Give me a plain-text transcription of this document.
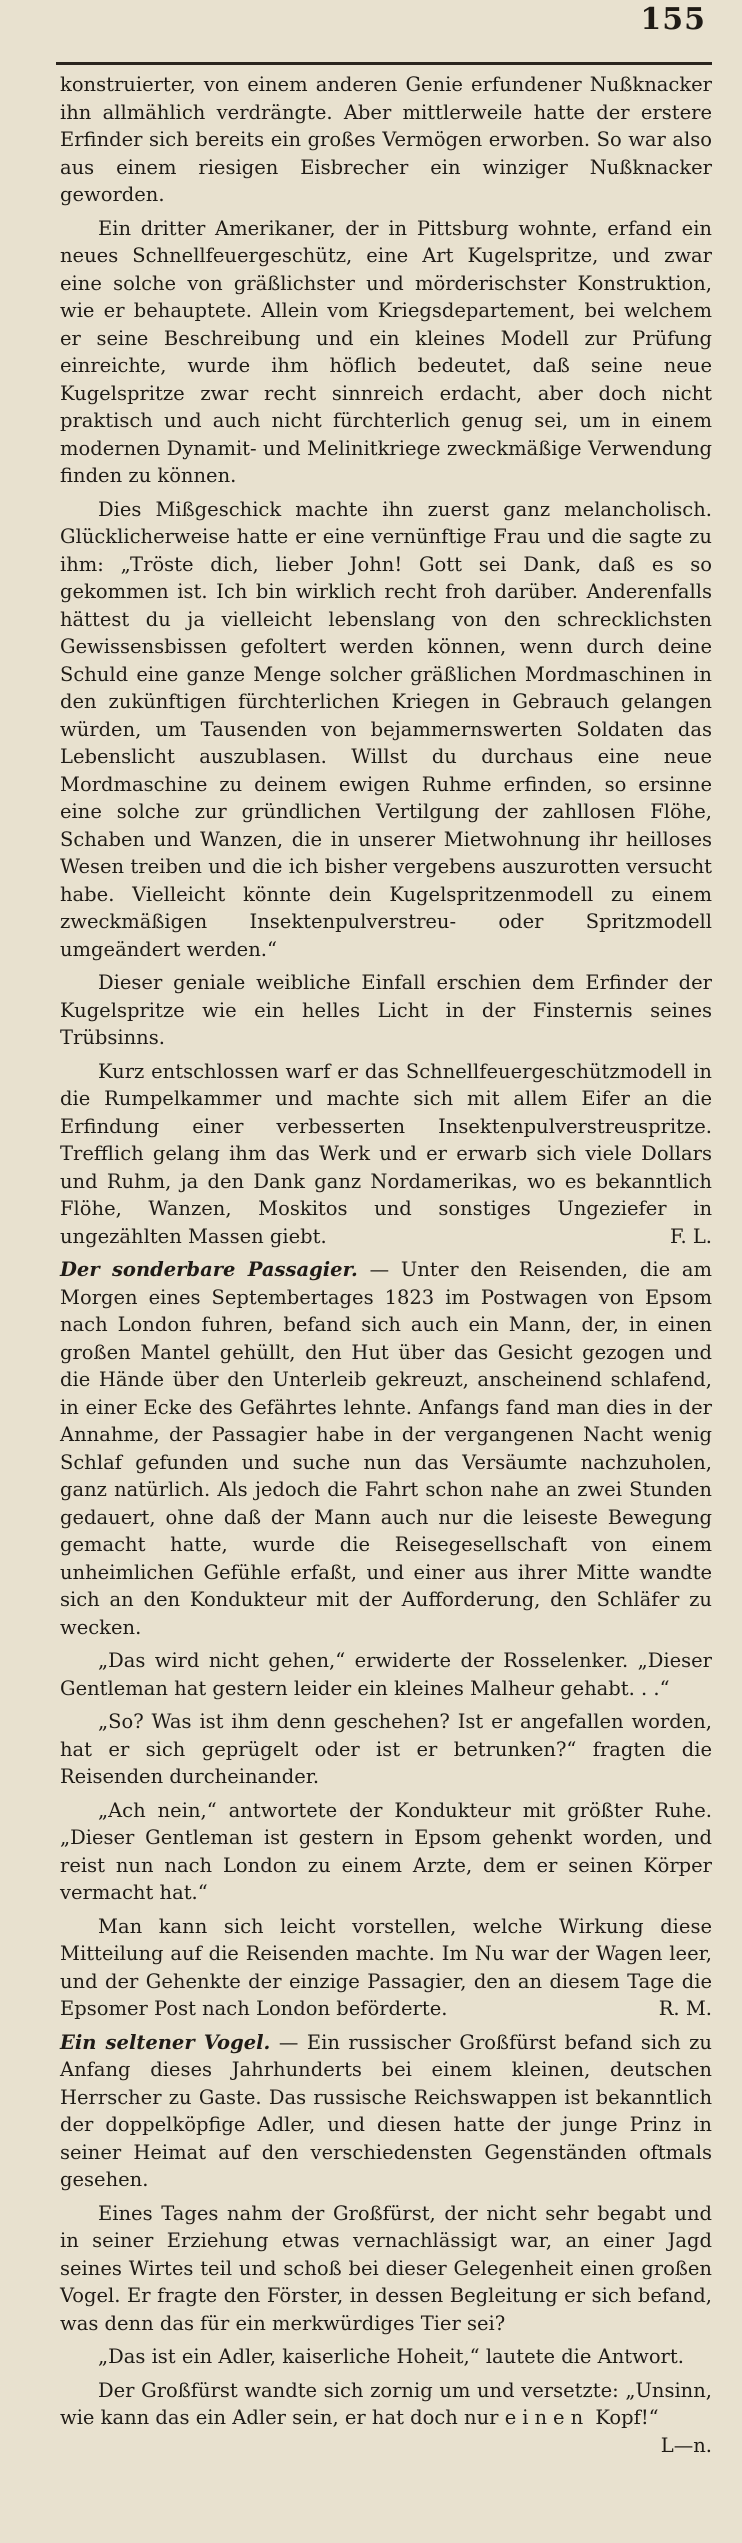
155

konstruierter, von einem anderen Genie erfundener Nußknacker ihn allmählich verdrängte. Aber mittlerweile hatte der erstere Erfinder sich bereits ein großes Vermögen erworben. So war also aus einem riesigen Eisbrecher ein winziger Nußknacker geworden.

Ein dritter Amerikaner, der in Pittsburg wohnte, erfand ein neues Schnellfeuergeschütz, eine Art Kugelspritze, und zwar eine solche von gräßlichster und mörderischster Konstruktion, wie er behauptete. Allein vom Kriegsdepartement, bei welchem er seine Beschreibung und ein kleines Modell zur Prüfung einreichte, wurde ihm höflich bedeutet, daß seine neue Kugelspritze zwar recht sinnreich erdacht, aber doch nicht praktisch und auch nicht fürchterlich genug sei, um in einem modernen Dynamit- und Melinitkriege zweckmäßige Verwendung finden zu können.

Dies Mißgeschick machte ihn zuerst ganz melancholisch. Glücklicherweise hatte er eine vernünftige Frau und die sagte zu ihm: „Tröste dich, lieber John! Gott sei Dank, daß es so gekommen ist. Ich bin wirklich recht froh darüber. Anderenfalls hättest du ja vielleicht lebenslang von den schrecklichsten Gewissensbissen gefoltert werden können, wenn durch deine Schuld eine ganze Menge solcher gräßlichen Mordmaschinen in den zukünftigen fürchterlichen Kriegen in Gebrauch gelangen würden, um Tausenden von bejammernswerten Soldaten das Lebenslicht auszublasen. Willst du durchaus eine neue Mordmaschine zu deinem ewigen Ruhme erfinden, so ersinne eine solche zur gründlichen Vertilgung der zahllosen Flöhe, Schaben und Wanzen, die in unserer Mietwohnung ihr heilloses Wesen treiben und die ich bisher vergebens auszurotten versucht habe. Vielleicht könnte dein Kugelspritzenmodell zu einem zweckmäßigen Insektenpulverstreu- oder Spritzmodell umgeändert werden.“

Dieser geniale weibliche Einfall erschien dem Erfinder der Kugelspritze wie ein helles Licht in der Finsternis seines Trübsinns.

Kurz entschlossen warf er das Schnellfeuergeschützmodell in die Rumpelkammer und machte sich mit allem Eifer an die Erfindung einer verbesserten Insektenpulverstreuspritze. Trefflich gelang ihm das Werk und er erwarb sich viele Dollars und Ruhm, ja den Dank ganz Nordamerikas, wo es bekanntlich Flöhe, Wanzen, Moskitos und sonstiges Ungeziefer in ungezählten Massen giebt.	F. L.

Der sonderbare Passagier. — Unter den Reisenden, die am Morgen eines Septembertages 1823 im Postwagen von Epsom nach London fuhren, befand sich auch ein Mann, der, in einen großen Mantel gehüllt, den Hut über das Gesicht gezogen und die Hände über den Unterleib gekreuzt, anscheinend schlafend, in einer Ecke des Gefährtes lehnte. Anfangs fand man dies in der Annahme, der Passagier habe in der vergangenen Nacht wenig Schlaf gefunden und suche nun das Versäumte nachzuholen, ganz natürlich. Als jedoch die Fahrt schon nahe an zwei Stunden gedauert, ohne daß der Mann auch nur die leiseste Bewegung gemacht hatte, wurde die Reisegesellschaft von einem unheimlichen Gefühle erfaßt, und einer aus ihrer Mitte wandte sich an den Kondukteur mit der Aufforderung, den Schläfer zu wecken.

„Das wird nicht gehen,“ erwiderte der Rosselenker. „Dieser Gentleman hat gestern leider ein kleines Malheur gehabt. . .“

„So? Was ist ihm denn geschehen? Ist er angefallen worden, hat er sich geprügelt oder ist er betrunken?“ fragten die Reisenden durcheinander.

„Ach nein,“ antwortete der Kondukteur mit größter Ruhe. „Dieser Gentleman ist gestern in Epsom gehenkt worden, und reist nun nach London zu einem Arzte, dem er seinen Körper vermacht hat.“

Man kann sich leicht vorstellen, welche Wirkung diese Mitteilung auf die Reisenden machte. Im Nu war der Wagen leer, und der Gehenkte der einzige Passagier, den an diesem Tage die Epsomer Post nach London beförderte.	R. M.

Ein seltener Vogel. — Ein russischer Großfürst befand sich zu Anfang dieses Jahrhunderts bei einem kleinen, deutschen Herrscher zu Gaste. Das russische Reichswappen ist bekanntlich der doppelköpfige Adler, und diesen hatte der junge Prinz in seiner Heimat auf den verschiedensten Gegenständen oftmals gesehen.

Eines Tages nahm der Großfürst, der nicht sehr begabt und in seiner Erziehung etwas vernachlässigt war, an einer Jagd seines Wirtes teil und schoß bei dieser Gelegenheit einen großen Vogel. Er fragte den Förster, in dessen Begleitung er sich befand, was denn das für ein merkwürdiges Tier sei?

„Das ist ein Adler, kaiserliche Hoheit,“ lautete die Antwort.

Der Großfürst wandte sich zornig um und versetzte: „Unsinn, wie kann das ein Adler sein, er hat doch nur einen Kopf!“
L—n.
